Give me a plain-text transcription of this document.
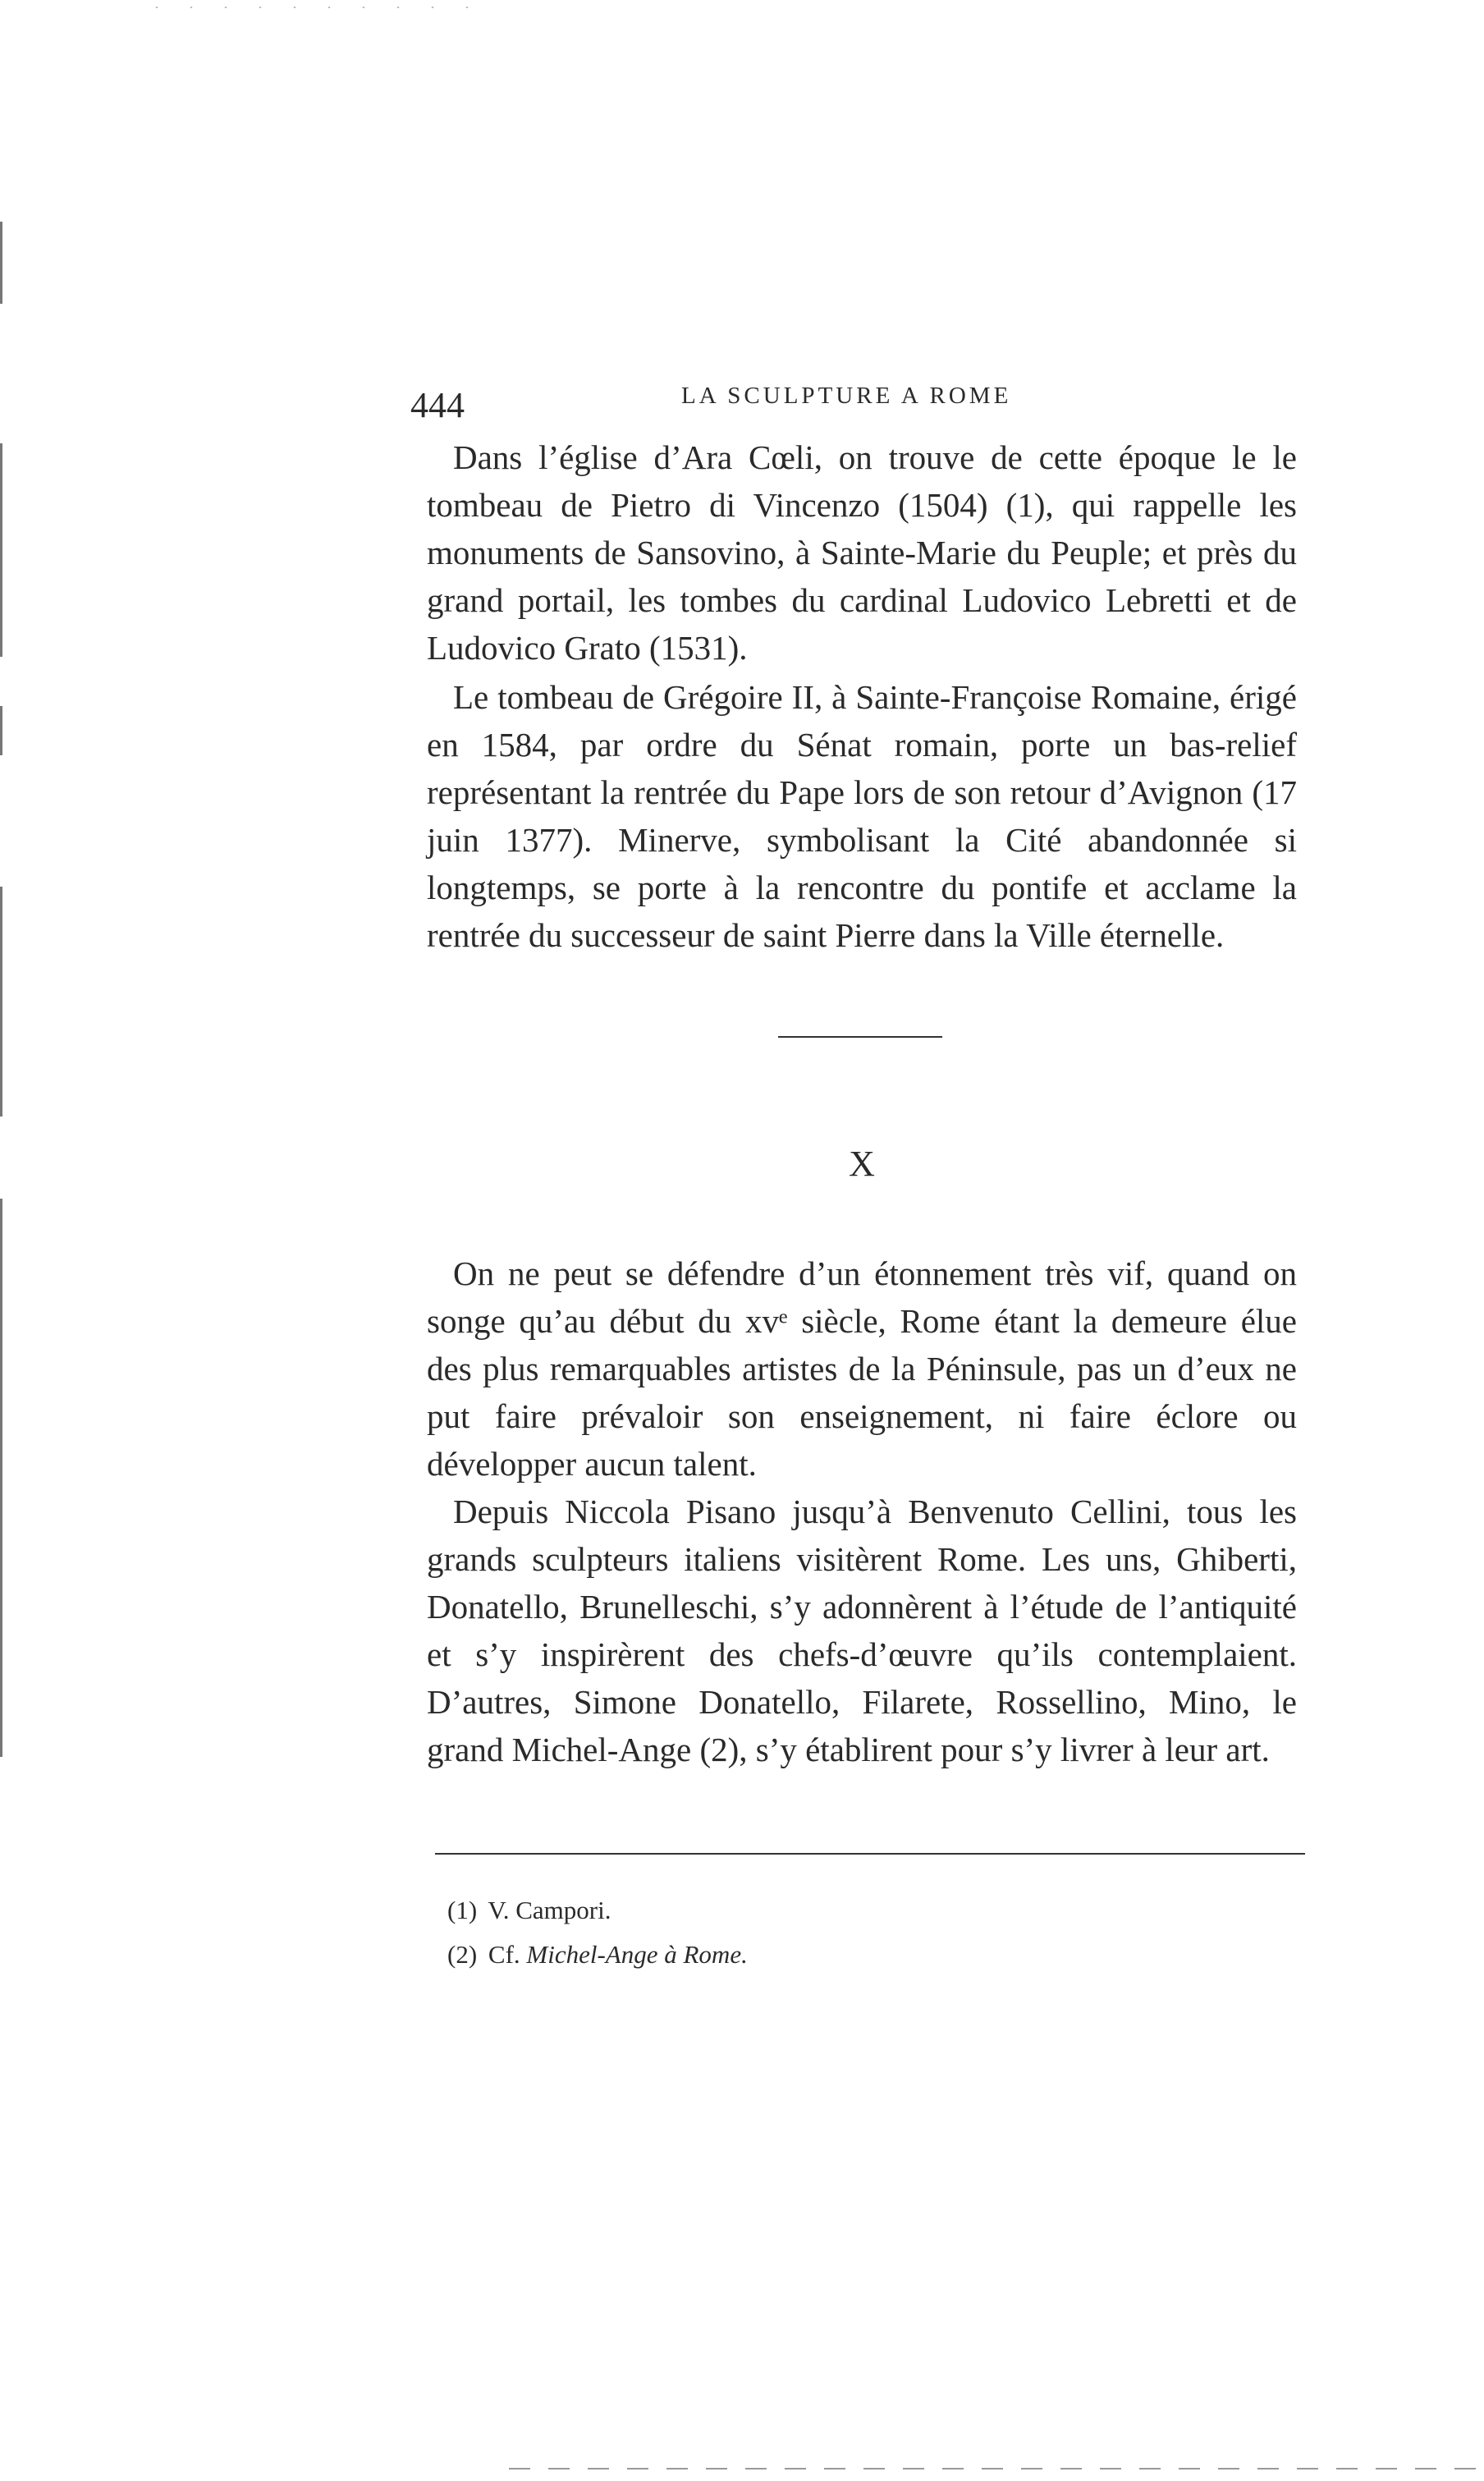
444	LA SCULPTURE A ROME

Dans l’église d’Ara Cœli, on trouve de cette époque le le tombeau de Pietro di Vincenzo (1504) (1), qui rappelle les monuments de Sansovino, à Sainte-Marie du Peuple; et près du grand portail, les tombes du cardinal Ludovico Lebretti et de Ludovico Grato (1531).

Le tombeau de Grégoire II, à Sainte-Françoise Romaine, érigé en 1584, par ordre du Sénat romain, porte un bas-relief représentant la rentrée du Pape lors de son retour d’Avignon (17 juin 1377). Minerve, symbolisant la Cité abandonnée si longtemps, se porte à la rencontre du pontife et acclame la rentrée du successeur de saint Pierre dans la Ville éternelle.

X

On ne peut se défendre d’un étonnement très vif, quand on songe qu’au début du xvᵉ siècle, Rome étant la demeure élue des plus remarquables artistes de la Péninsule, pas un d’eux ne put faire prévaloir son enseignement, ni faire éclore ou développer aucun talent.

Depuis Niccola Pisano jusqu’à Benvenuto Cellini, tous les grands sculpteurs italiens visitèrent Rome. Les uns, Ghiberti, Donatello, Brunelleschi, s’y adonnèrent à l’étude de l’antiquité et s’y inspirèrent des chefs-d’œuvre qu’ils contemplaient. D’autres, Simone Donatello, Filarete, Rossellino, Mino, le grand Michel-Ange (2), s’y établirent pour s’y livrer à leur art.

(1) V. Campori.
(2) Cf. Michel-Ange à Rome.
